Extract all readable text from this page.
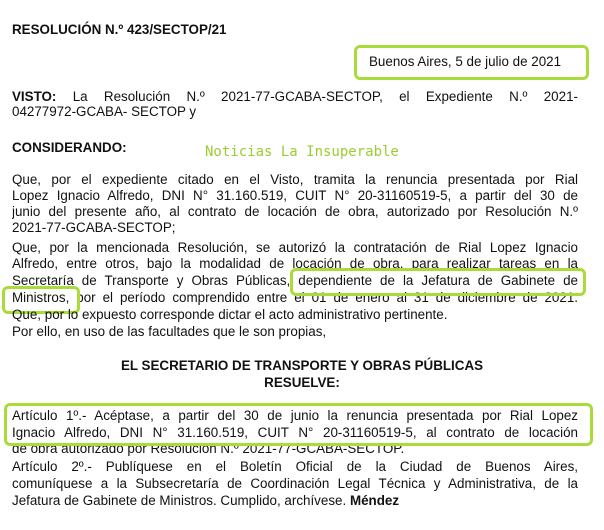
RESOLUCIÓN N.º 423/SECTOP/21
Buenos Aires, 5 de julio de 2021
VISTO: La Resolución N.º 2021-77-GCABA-SECTOP, el Expediente N.º 2021-
04277972-GCABA- SECTOP y
CONSIDERANDO:	Noticias La Insuperable
Que, por el expediente citado en el Visto, tramita la renuncia presentada por Rial
Lopez Ignacio Alfredo, DNI N° 31.160.519, CUIT N° 20-31160519-5, a partir del 30 de
junio del presente año, al contrato de locación de obra, autorizado por Resolución N.º
2021-77-GCABA-SECTOP;
Que, por la mencionada Resolución, se autorizó la contratación de Rial Lopez Ignacio
Alfredo, entre otros, bajo la modalidad de locación de obra, para realizar tareas en la
Secretaría de Transporte y Obras Públicas, dependiente de la Jefatura de Gabinete de
Ministros, por el período comprendido entre el 01 de enero al 31 de diciembre de 2021.
Que, por lo expuesto corresponde dictar el acto administrativo pertinente.
Por ello, en uso de las facultades que le son propias,
EL SECRETARIO DE TRANSPORTE Y OBRAS PÚBLICAS
RESUELVE:
Artículo 1º.- Acéptase, a partir del 30 de junio la renuncia presentada por Rial Lopez
Ignacio Alfredo, DNI N° 31.160.519, CUIT N° 20-31160519-5, al contrato de locación
de obra autorizado por Resolución N.º 2021-77-GCABA-SECTOP.
Artículo 2º.- Publíquese en el Boletín Oficial de la Ciudad de Buenos Aires,
comuníquese a la Subsecretaría de Coordinación Legal Técnica y Administrativa, de la
Jefatura de Gabinete de Ministros. Cumplido, archívese. Méndez
